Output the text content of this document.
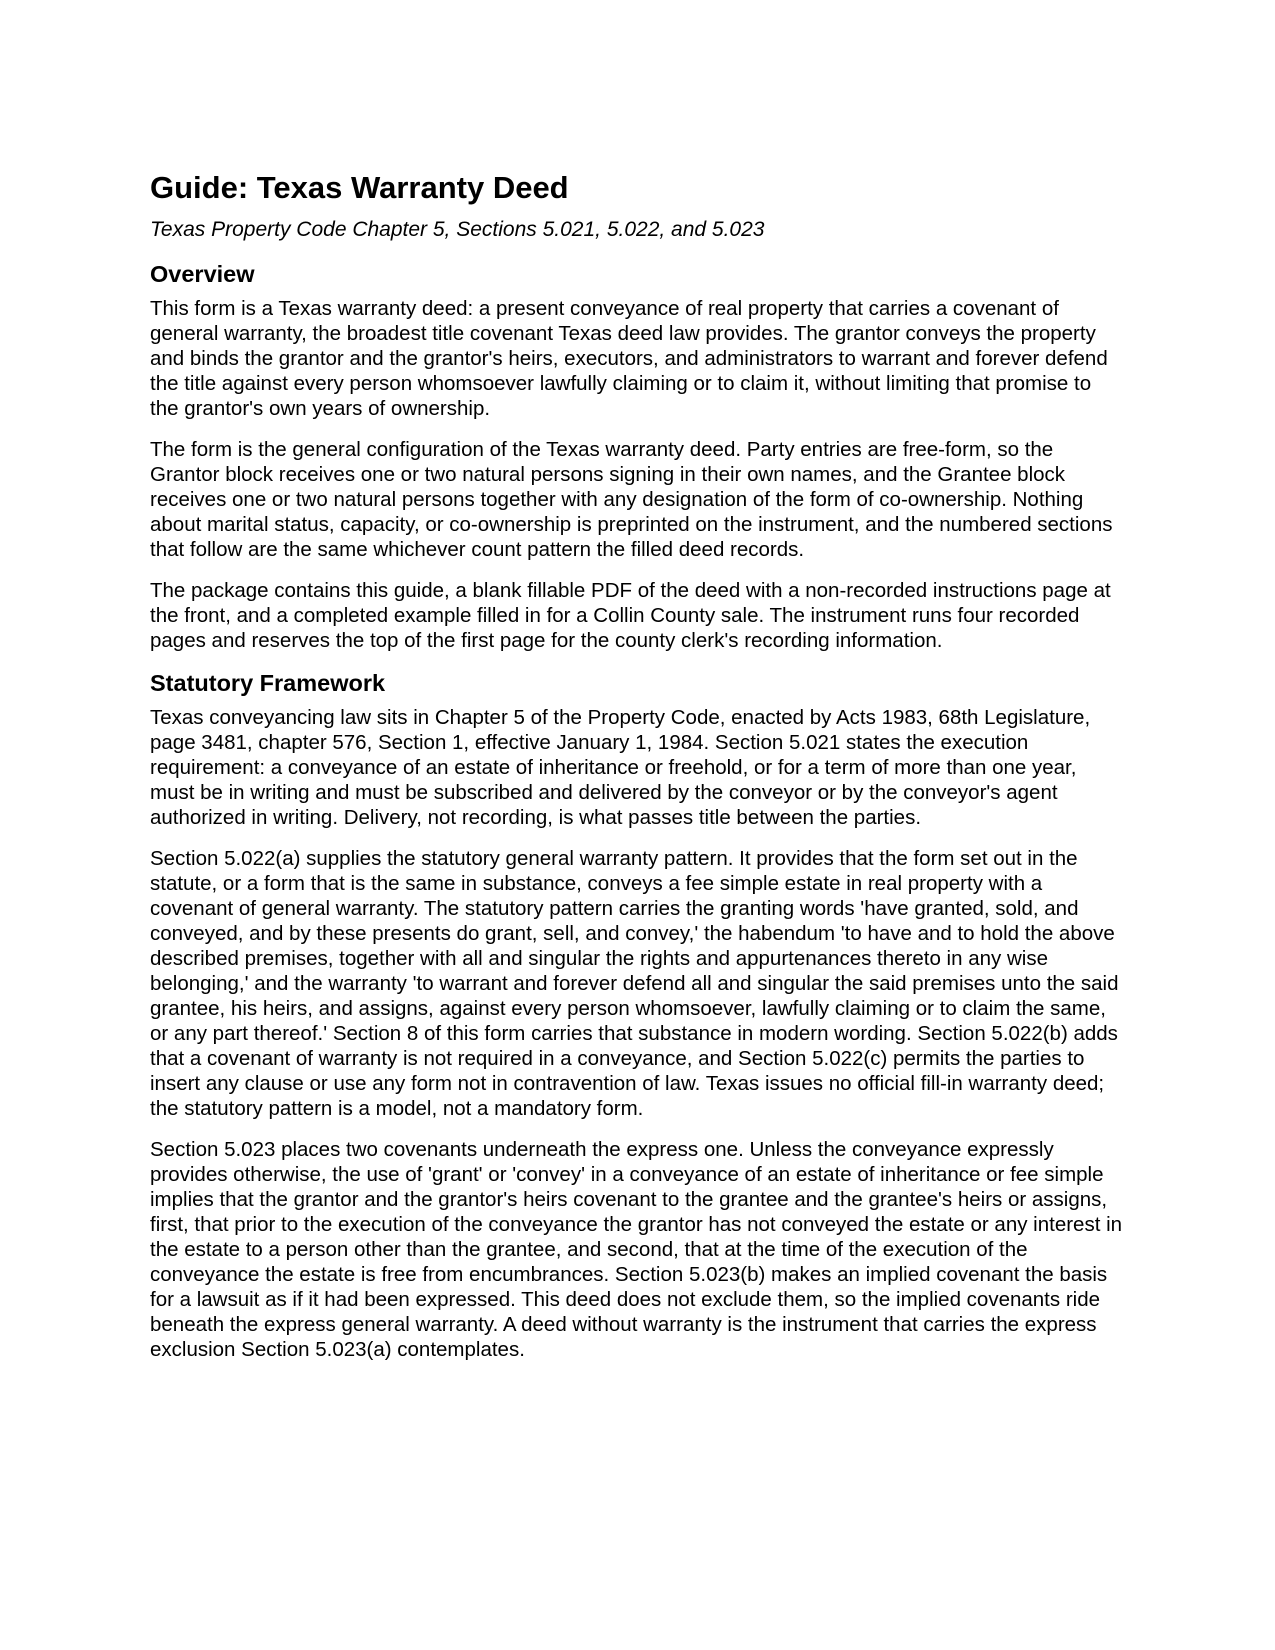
Guide: Texas Warranty Deed
Texas Property Code Chapter 5, Sections 5.021, 5.022, and 5.023
Overview

This form is a Texas warranty deed: a present conveyance of real property that carries a covenant of general warranty, the broadest title covenant Texas deed law provides. The grantor conveys the property and binds the grantor and the grantor's heirs, executors, and administrators to warrant and forever defend the title against every person whomsoever lawfully claiming or to claim it, without limiting that promise to the grantor's own years of ownership.

The form is the general configuration of the Texas warranty deed. Party entries are free-form, so the Grantor block receives one or two natural persons signing in their own names, and the Grantee block receives one or two natural persons together with any designation of the form of co-ownership. Nothing about marital status, capacity, or co-ownership is preprinted on the instrument, and the numbered sections that follow are the same whichever count pattern the filled deed records.

The package contains this guide, a blank fillable PDF of the deed with a non-recorded instructions page at the front, and a completed example filled in for a Collin County sale. The instrument runs four recorded pages and reserves the top of the first page for the county clerk's recording information.

Statutory Framework

Texas conveyancing law sits in Chapter 5 of the Property Code, enacted by Acts 1983, 68th Legislature, page 3481, chapter 576, Section 1, effective January 1, 1984. Section 5.021 states the execution requirement: a conveyance of an estate of inheritance or freehold, or for a term of more than one year, must be in writing and must be subscribed and delivered by the conveyor or by the conveyor's agent authorized in writing. Delivery, not recording, is what passes title between the parties.

Section 5.022(a) supplies the statutory general warranty pattern. It provides that the form set out in the statute, or a form that is the same in substance, conveys a fee simple estate in real property with a covenant of general warranty. The statutory pattern carries the granting words 'have granted, sold, and conveyed, and by these presents do grant, sell, and convey,' the habendum 'to have and to hold the above described premises, together with all and singular the rights and appurtenances thereto in any wise belonging,' and the warranty 'to warrant and forever defend all and singular the said premises unto the said grantee, his heirs, and assigns, against every person whomsoever, lawfully claiming or to claim the same, or any part thereof.' Section 8 of this form carries that substance in modern wording. Section 5.022(b) adds that a covenant of warranty is not required in a conveyance, and Section 5.022(c) permits the parties to insert any clause or use any form not in contravention of law. Texas issues no official fill-in warranty deed; the statutory pattern is a model, not a mandatory form.

Section 5.023 places two covenants underneath the express one. Unless the conveyance expressly provides otherwise, the use of 'grant' or 'convey' in a conveyance of an estate of inheritance or fee simple implies that the grantor and the grantor's heirs covenant to the grantee and the grantee's heirs or assigns, first, that prior to the execution of the conveyance the grantor has not conveyed the estate or any interest in the estate to a person other than the grantee, and second, that at the time of the execution of the conveyance the estate is free from encumbrances. Section 5.023(b) makes an implied covenant the basis for a lawsuit as if it had been expressed. This deed does not exclude them, so the implied covenants ride beneath the express general warranty. A deed without warranty is the instrument that carries the express exclusion Section 5.023(a) contemplates.
